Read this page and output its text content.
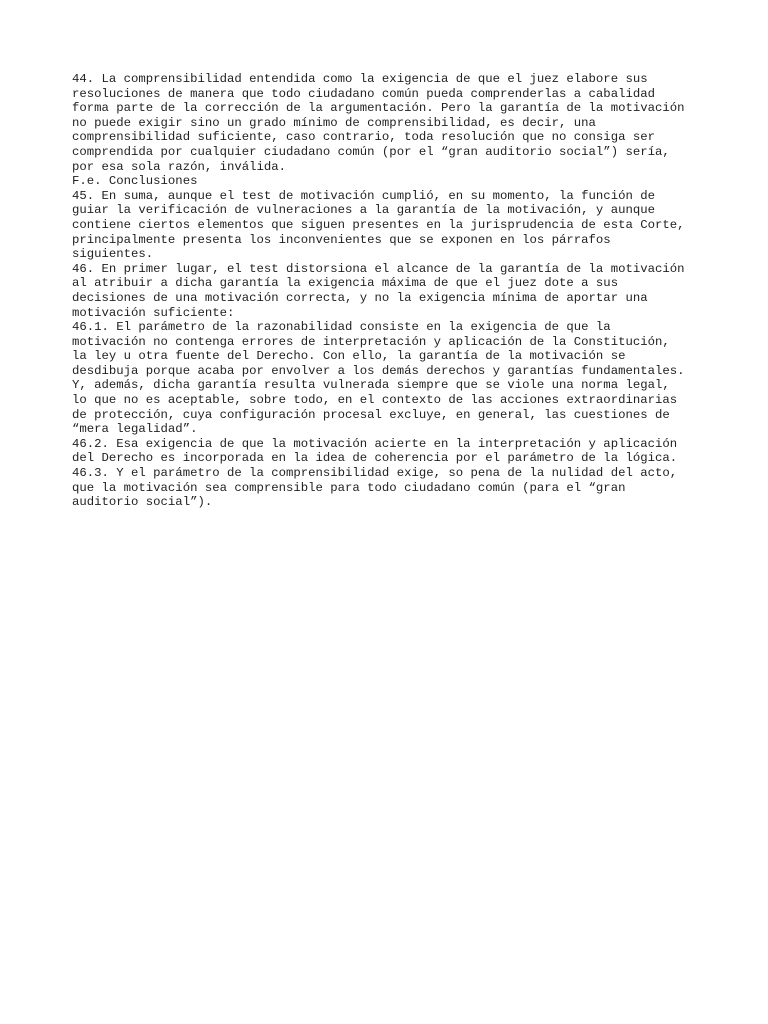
44. La comprensibilidad entendida como la exigencia de que el juez elabore sus
resoluciones de manera que todo ciudadano común pueda comprenderlas a cabalidad
forma parte de la corrección de la argumentación. Pero la garantía de la motivación
no puede exigir sino un grado mínimo de comprensibilidad, es decir, una
comprensibilidad suficiente, caso contrario, toda resolución que no consiga ser
comprendida por cualquier ciudadano común (por el “gran auditorio social”) sería,
por esa sola razón, inválida.
F.e. Conclusiones
45. En suma, aunque el test de motivación cumplió, en su momento, la función de
guiar la verificación de vulneraciones a la garantía de la motivación, y aunque
contiene ciertos elementos que siguen presentes en la jurisprudencia de esta Corte,
principalmente presenta los inconvenientes que se exponen en los párrafos
siguientes.
46. En primer lugar, el test distorsiona el alcance de la garantía de la motivación
al atribuir a dicha garantía la exigencia máxima de que el juez dote a sus
decisiones de una motivación correcta, y no la exigencia mínima de aportar una
motivación suficiente:
46.1. El parámetro de la razonabilidad consiste en la exigencia de que la
motivación no contenga errores de interpretación y aplicación de la Constitución,
la ley u otra fuente del Derecho. Con ello, la garantía de la motivación se
desdibuja porque acaba por envolver a los demás derechos y garantías fundamentales.
Y, además, dicha garantía resulta vulnerada siempre que se viole una norma legal,
lo que no es aceptable, sobre todo, en el contexto de las acciones extraordinarias
de protección, cuya configuración procesal excluye, en general, las cuestiones de
“mera legalidad”.
46.2. Esa exigencia de que la motivación acierte en la interpretación y aplicación
del Derecho es incorporada en la idea de coherencia por el parámetro de la lógica.
46.3. Y el parámetro de la comprensibilidad exige, so pena de la nulidad del acto,
que la motivación sea comprensible para todo ciudadano común (para el “gran
auditorio social”).
